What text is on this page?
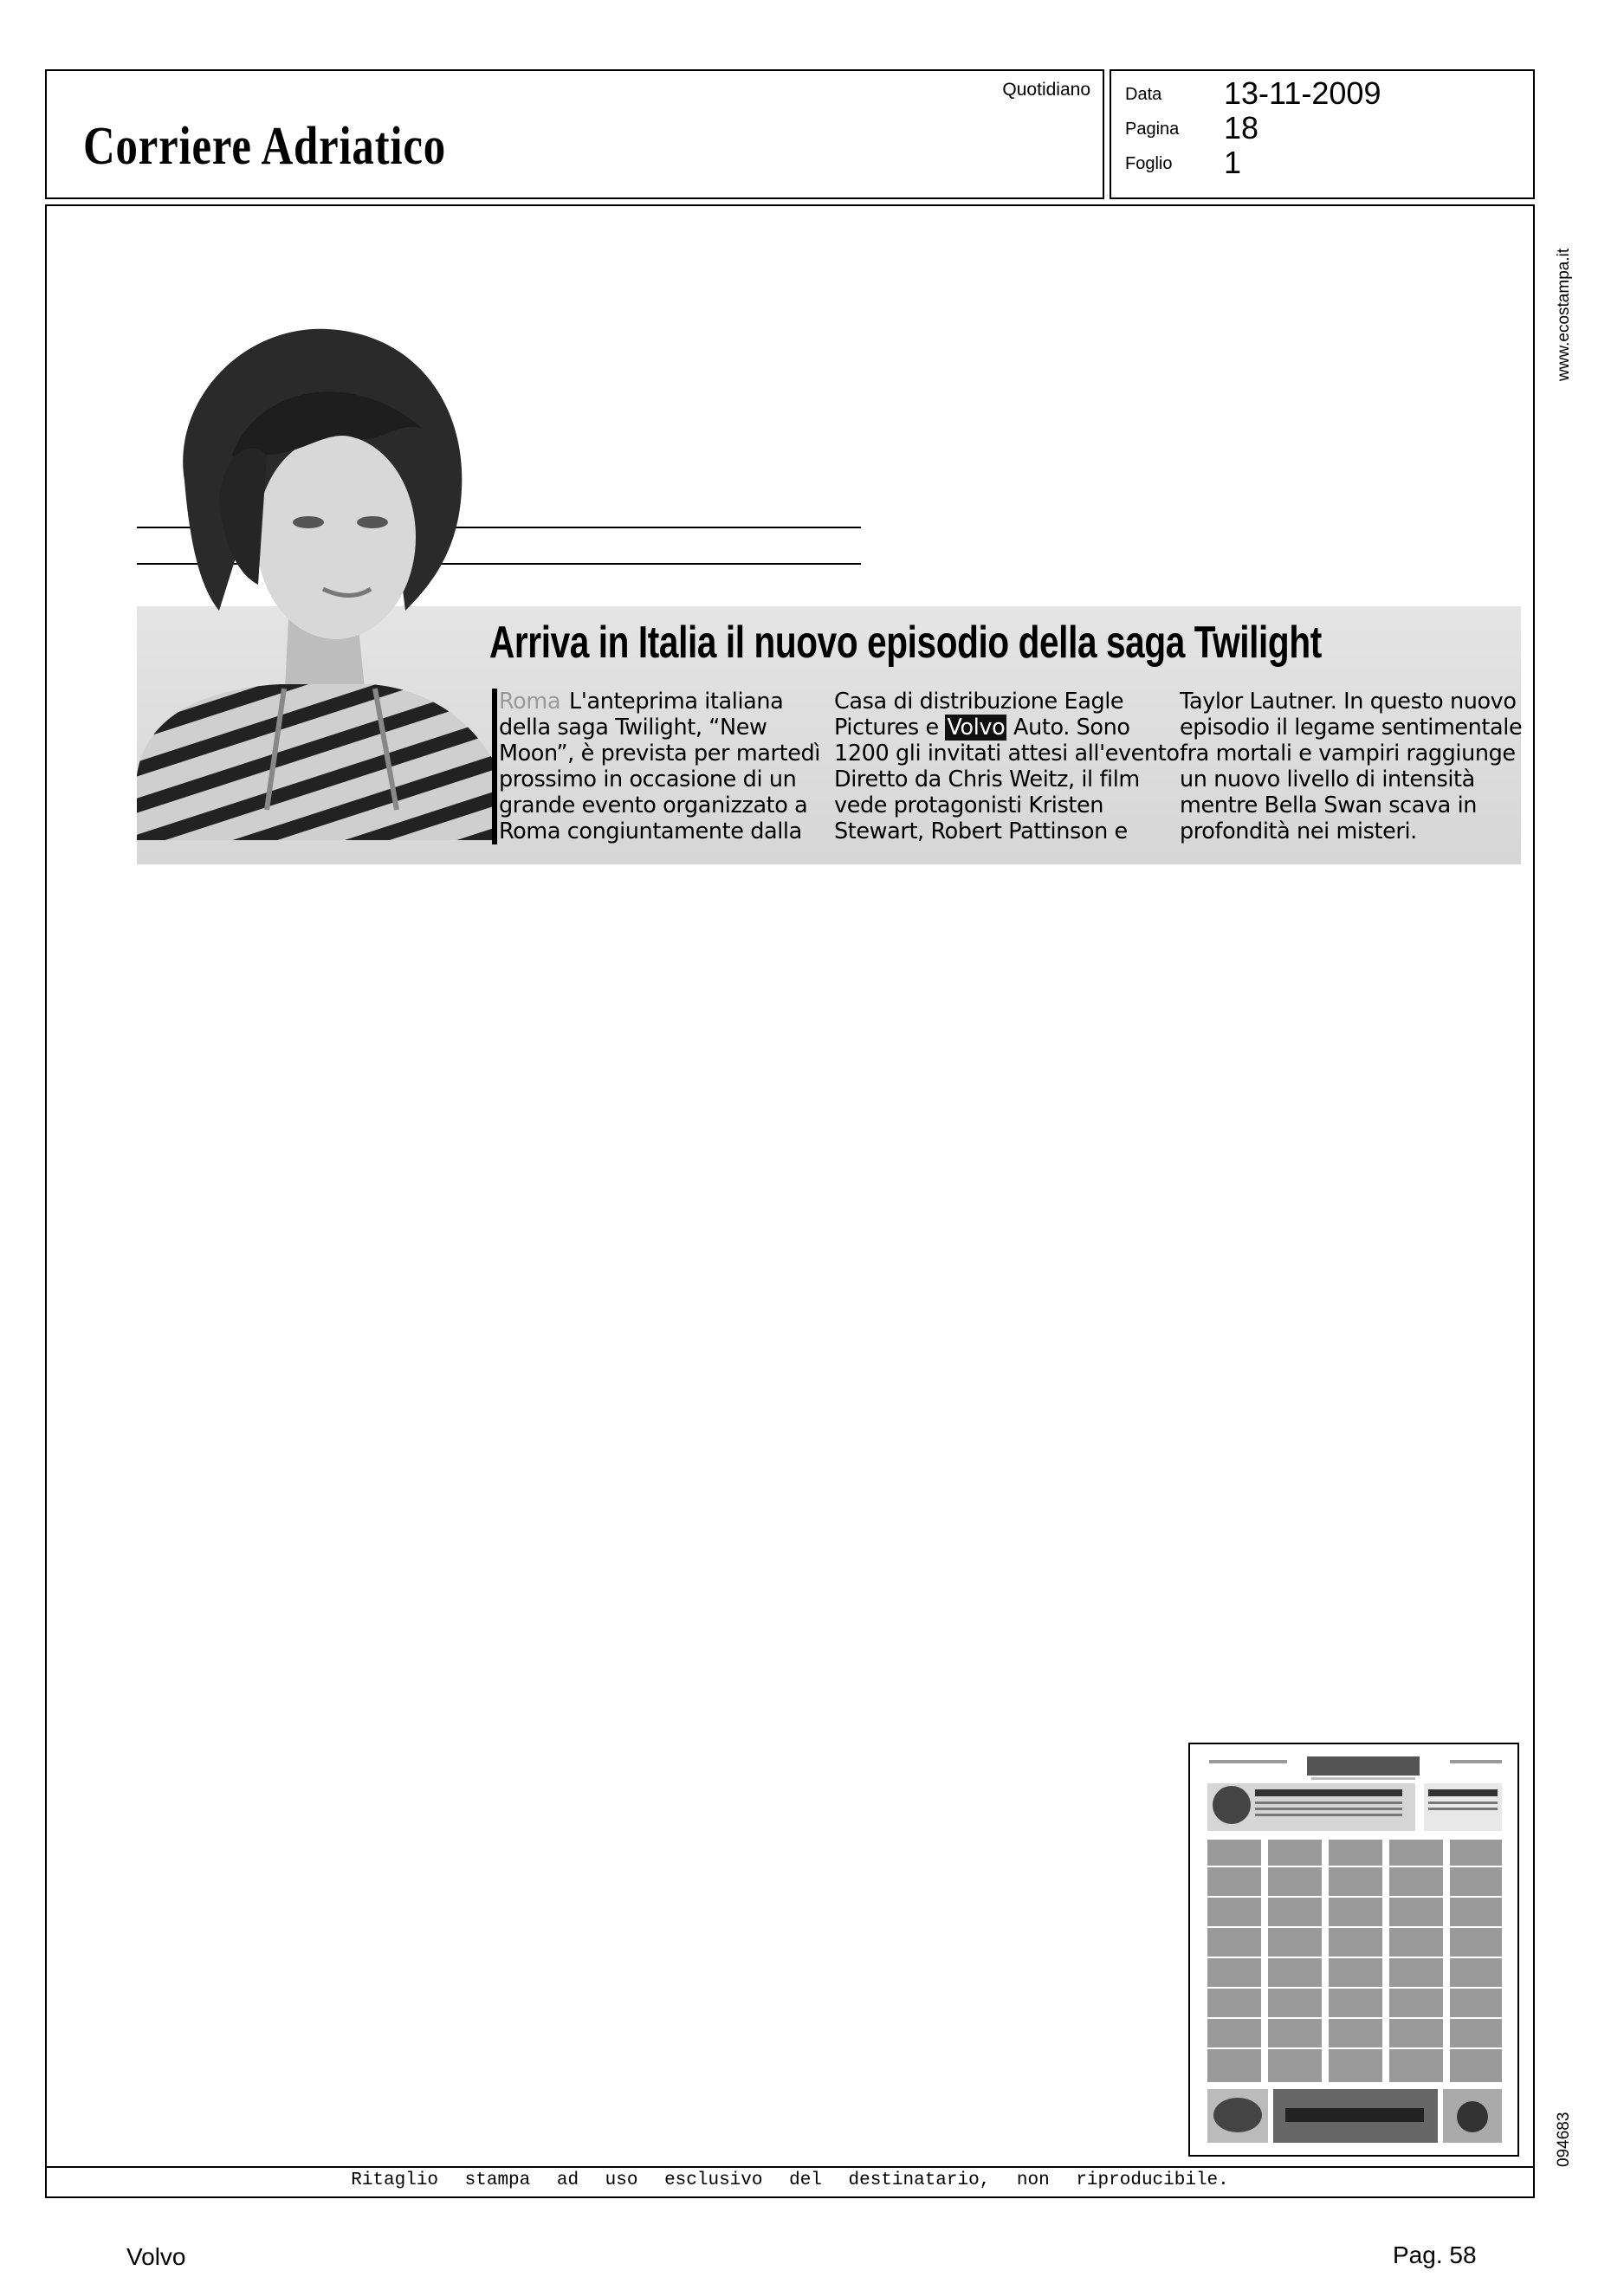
Corriere Adriatico
Quotidiano Data 13-11-2009
Pagina 18
Foglio 1
www.ecostampa.it
094683
Ritaglio stampa ad uso esclusivo del destinatario, non riproducibile.
Arriva in Italia il nuovo episodio della saga Twilight

Roma L'anteprima italiana

della saga Twilight, “New

Moon”, è prevista per martedì

prossimo in occasione di un

grande evento organizzato a

Roma congiuntamente dalla

Casa di distribuzione Eagle

Pictures e Volvo Auto. Sono

1200 gli invitati attesi all'evento.

Diretto da Chris Weitz, il film

vede protagonisti Kristen

Stewart, Robert Pattinson e

Taylor Lautner. In questo nuovo

episodio il legame sentimentale

fra mortali e vampiri raggiunge

un nuovo livello di intensità

mentre Bella Swan scava in

profondità nei misteri.

Volvo	Pag. 58
